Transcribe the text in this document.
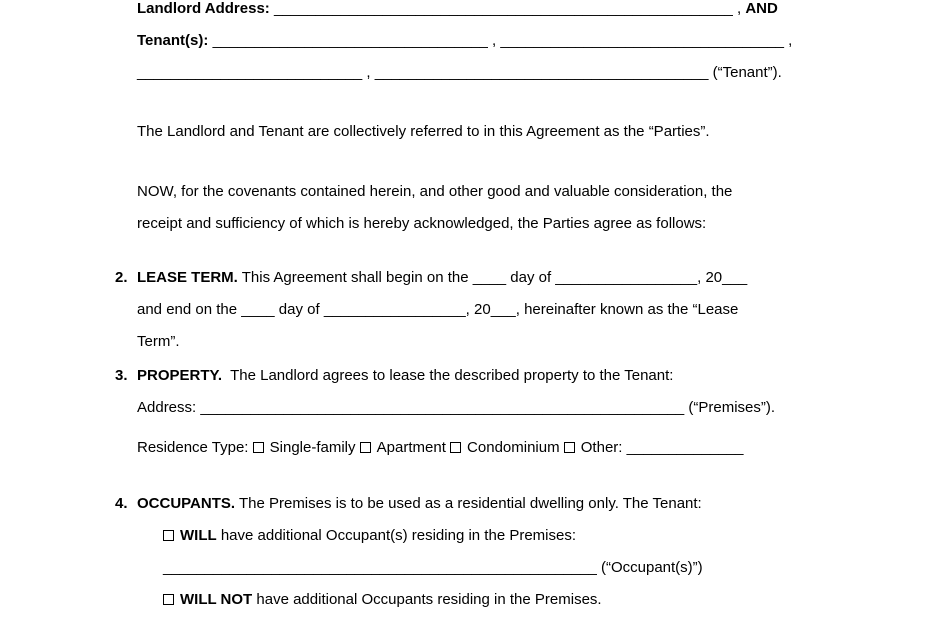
Landlord Address: _______________________________________________________ , AND
Tenant(s): _________________________________ , __________________________________ ,
___________________________ , ________________________________________ (“Tenant”).
The Landlord and Tenant are collectively referred to in this Agreement as the “Parties”.
NOW, for the covenants contained herein, and other good and valuable consideration, the
receipt and sufficiency of which is hereby acknowledged, the Parties agree as follows:
2. LEASE TERM. This Agreement shall begin on the ____ day of _________________, 20___
and end on the ____ day of _________________, 20___, hereinafter known as the “Lease
Term”.
3. PROPERTY.  The Landlord agrees to lease the described property to the Tenant:
Address: __________________________________________________________ (“Premises”).
Residence Type: Single-family Apartment Condominium Other: ______________
4. OCCUPANTS. The Premises is to be used as a residential dwelling only. The Tenant:
WILL have additional Occupant(s) residing in the Premises:
____________________________________________________ (“Occupant(s)”)
WILL NOT have additional Occupants residing in the Premises.
